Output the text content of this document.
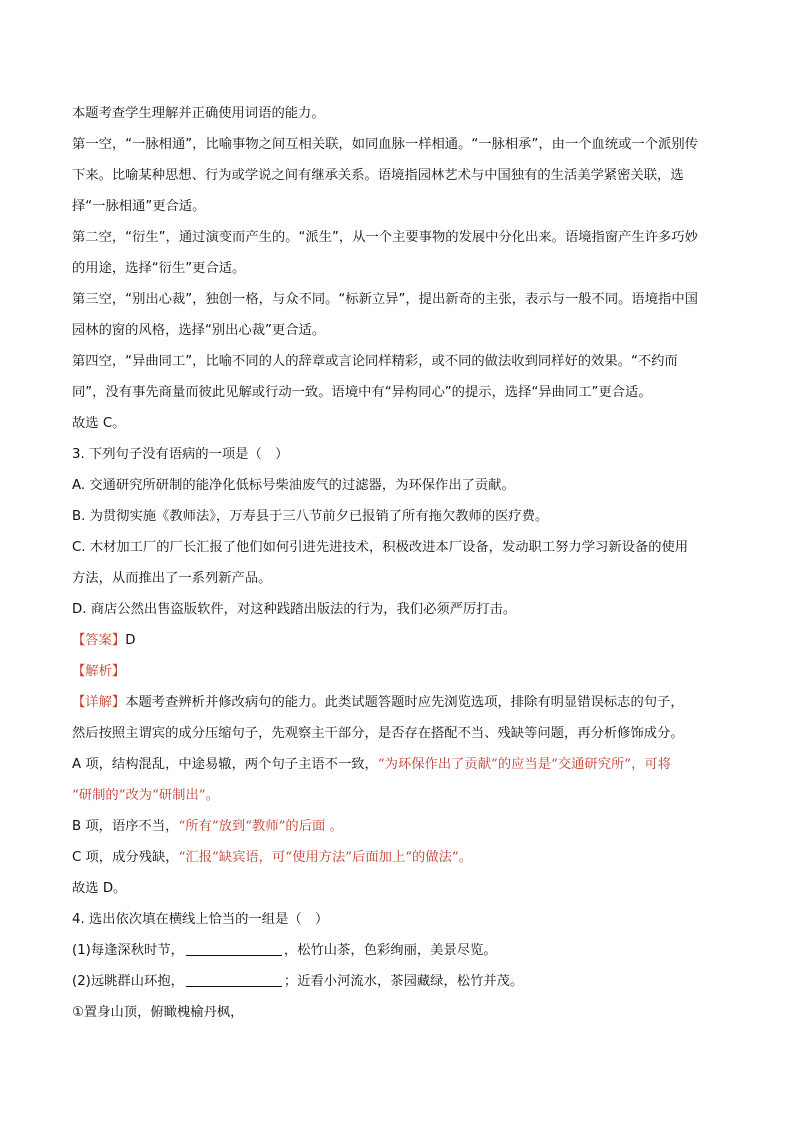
本题考查学生理解并正确使用词语的能力。
第一空，“一脉相通”，比喻事物之间互相关联，如同血脉一样相通。“一脉相承”，由一个血统或一个派别传
下来。比喻某种思想、行为或学说之间有继承关系。语境指园林艺术与中国独有的生活美学紧密关联，选
择“一脉相通”更合适。
第二空，“衍生”，通过演变而产生的。“派生”，从一个主要事物的发展中分化出来。语境指窗产生许多巧妙
的用途，选择“衍生”更合适。
第三空，“别出心裁”，独创一格，与众不同。“标新立异”，提出新奇的主张，表示与一般不同。语境指中国
园林的窗的风格，选择“别出心裁”更合适。
第四空，“异曲同工”，比喻不同的人的辞章或言论同样精彩，或不同的做法收到同样好的效果。“不约而
同”，没有事先商量而彼此见解或行动一致。语境中有“异构同心”的提示，选择“异曲同工”更合适。
故选 C。
3. 下列句子没有语病的一项是（　）
A. 交通研究所研制的能净化低标号柴油废气的过滤器，为环保作出了贡献。
B. 为贯彻实施《教师法》，万寿县于三八节前夕已报销了所有拖欠教师的医疗费。
C. 木材加工厂的厂长汇报了他们如何引进先进技术，积极改进本厂设备，发动职工努力学习新设备的使用
方法，从而推出了一系列新产品。
D. 商店公然出售盗版软件，对这种践踏出版法的行为，我们必须严厉打击。
【答案】D
【解析】
【详解】本题考查辨析并修改病句的能力。此类试题答题时应先浏览选项，排除有明显错误标志的句子，
然后按照主谓宾的成分压缩句子，先观察主干部分，是否存在搭配不当、残缺等问题，再分析修饰成分。
A 项，结构混乱，中途易辙，两个句子主语不一致，“为环保作出了贡献”的应当是“交通研究所”，可将
“研制的”改为“研制出”。
B 项，语序不当，“所有”放到“教师”的后面 。
C 项，成分残缺，“汇报”缺宾语，可“使用方法”后面加上“的做法”。
故选 D。
4. 选出依次填在横线上恰当的一组是（　）
(1)每逢深秋时节，	，松竹山茶，色彩绚丽，美景尽览。
(2)远眺群山环抱，	；近看小河流水，茶园藏绿，松竹并茂。
①置身山顶，俯瞰槐榆丹枫，
